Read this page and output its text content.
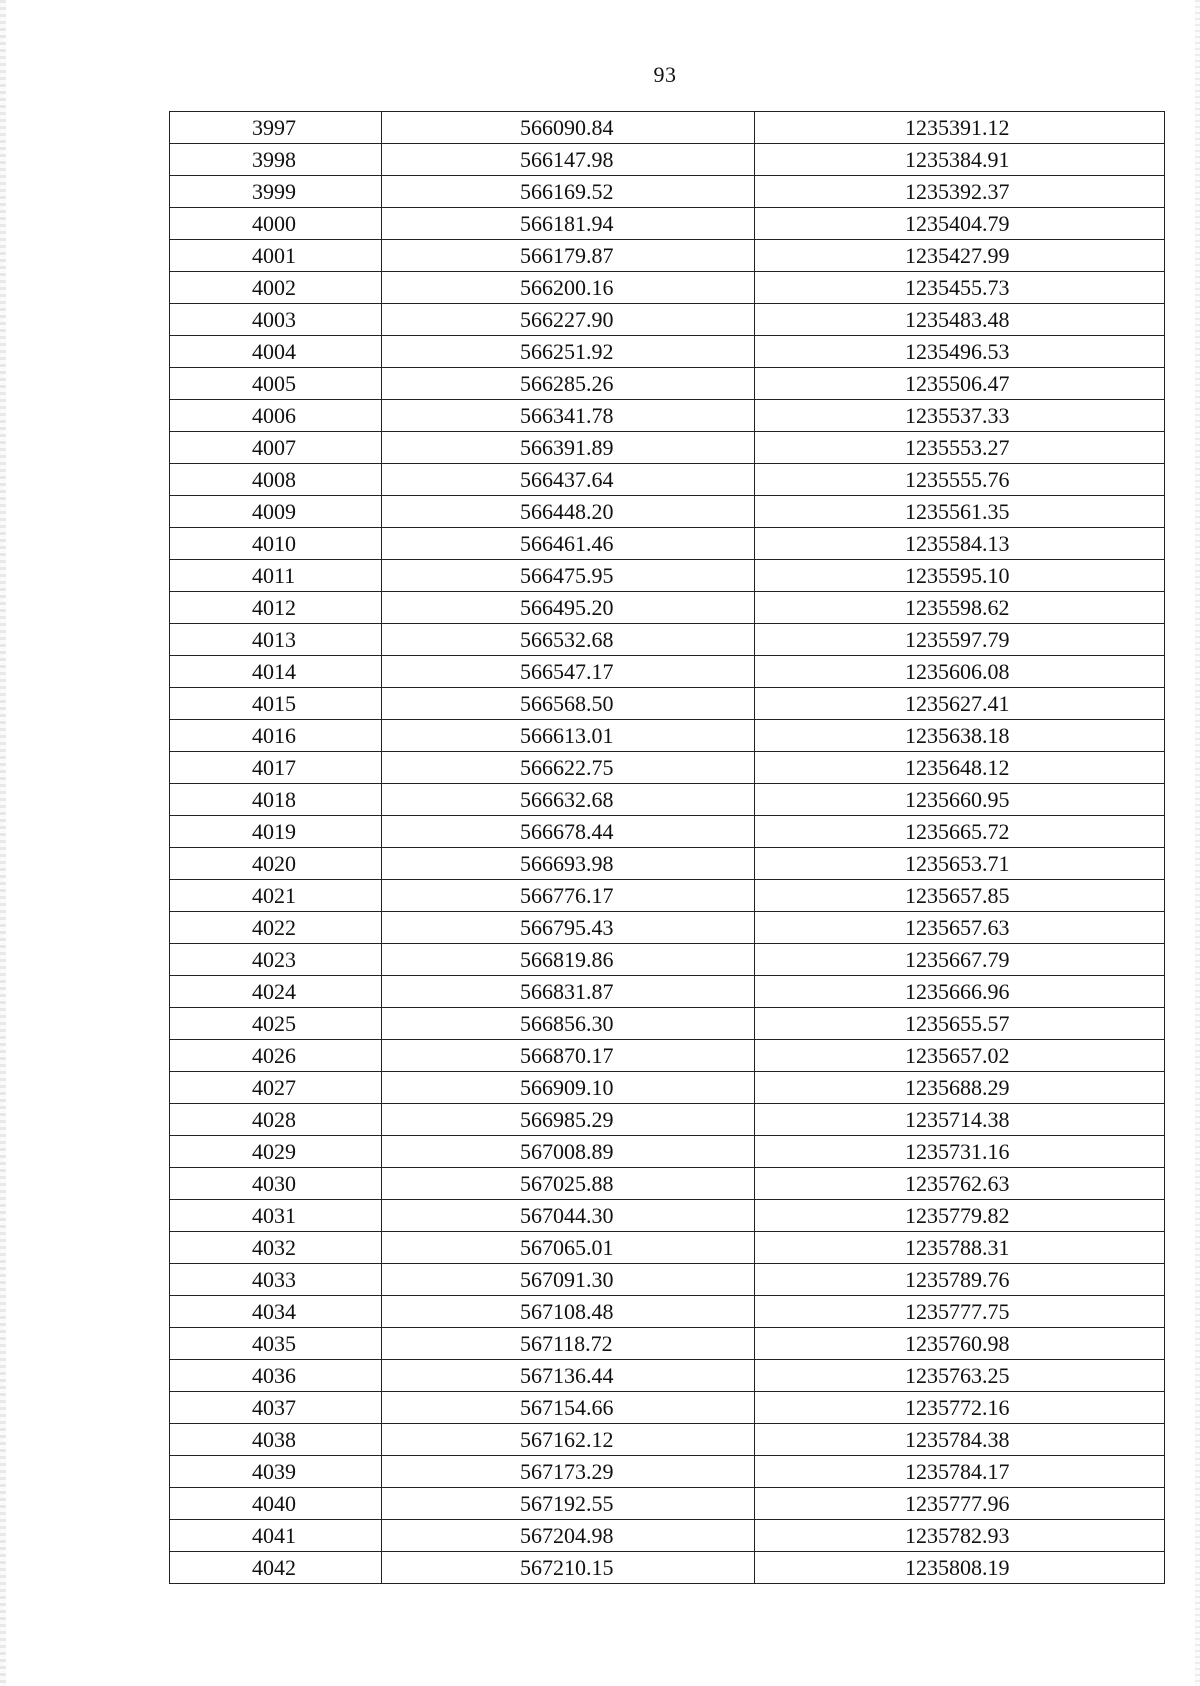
93
3997	566090.84	1235391.12
3998	566147.98	1235384.91
3999	566169.52	1235392.37
4000	566181.94	1235404.79
4001	566179.87	1235427.99
4002	566200.16	1235455.73
4003	566227.90	1235483.48
4004	566251.92	1235496.53
4005	566285.26	1235506.47
4006	566341.78	1235537.33
4007	566391.89	1235553.27
4008	566437.64	1235555.76
4009	566448.20	1235561.35
4010	566461.46	1235584.13
4011	566475.95	1235595.10
4012	566495.20	1235598.62
4013	566532.68	1235597.79
4014	566547.17	1235606.08
4015	566568.50	1235627.41
4016	566613.01	1235638.18
4017	566622.75	1235648.12
4018	566632.68	1235660.95
4019	566678.44	1235665.72
4020	566693.98	1235653.71
4021	566776.17	1235657.85
4022	566795.43	1235657.63
4023	566819.86	1235667.79
4024	566831.87	1235666.96
4025	566856.30	1235655.57
4026	566870.17	1235657.02
4027	566909.10	1235688.29
4028	566985.29	1235714.38
4029	567008.89	1235731.16
4030	567025.88	1235762.63
4031	567044.30	1235779.82
4032	567065.01	1235788.31
4033	567091.30	1235789.76
4034	567108.48	1235777.75
4035	567118.72	1235760.98
4036	567136.44	1235763.25
4037	567154.66	1235772.16
4038	567162.12	1235784.38
4039	567173.29	1235784.17
4040	567192.55	1235777.96
4041	567204.98	1235782.93
4042	567210.15	1235808.19
